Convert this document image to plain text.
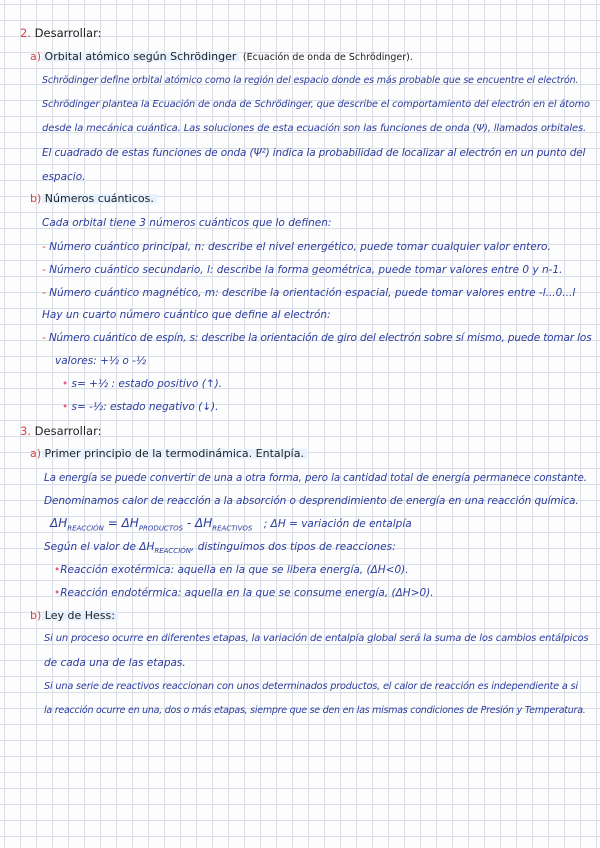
2. Desarrollar:
a) Orbital atómico según Schrödinger (Ecuación de onda de Schrödinger).
Schrödinger define orbital atómico como la región del espacio donde es más probable que se encuentre el electrón.
Schrödinger plantea la Ecuación de onda de Schrödinger, que describe el comportamiento del electrón en el átomo
desde la mecánica cuántica. Las soluciones de esta ecuación son las funciones de onda (Ψ), llamados orbitales.
El cuadrado de estas funciones de onda (Ψ²) indica la probabilidad de localizar al electrón en un punto del
espacio.
b) Números cuánticos.
Cada orbital tiene 3 números cuánticos que lo definen:
- Número cuántico principal, n: describe el nivel energético, puede tomar cualquier valor entero.
- Número cuántico secundario, l: describe la forma geométrica, puede tomar valores entre 0 y n-1.
- Número cuántico magnético, m: describe la orientación espacial, puede tomar valores entre -l...0...l
Hay un cuarto número cuántico que define al electrón:
- Número cuántico de espín, s: describe la orientación de giro del electrón sobre sí mismo, puede tomar los
valores: +½ o -½
• s= +½ : estado positivo (↑).
• s= -½: estado negativo (↓).
3. Desarrollar:
a) Primer principio de la termodinámica. Entalpía.
La energía se puede convertir de una a otra forma, pero la cantidad total de energía permanece constante.
Denominamos calor de reacción a la absorción o desprendimiento de energía en una reacción química.
$\Delta H_{REACCIÓN} = \Delta H_{PRODUCTOS} - \Delta H_{REACTIVOS}$ ; ΔH = variación de entalpía
Según el valor de $\Delta H_{REACCIÓN}$, distinguimos dos tipos de reacciones:
•Reacción exotérmica: aquella en la que se libera energía, (ΔH<0).
•Reacción endotérmica: aquella en la que se consume energía, (ΔH>0).
b) Ley de Hess:
Si un proceso ocurre en diferentes etapas, la variación de entalpía global será la suma de los cambios entálpicos
de cada una de las etapas.
Si una serie de reactivos reaccionan con unos determinados productos, el calor de reacción es independiente a si
la reacción ocurre en una, dos o más etapas, siempre que se den en las mismas condiciones de Presión y Temperatura.
